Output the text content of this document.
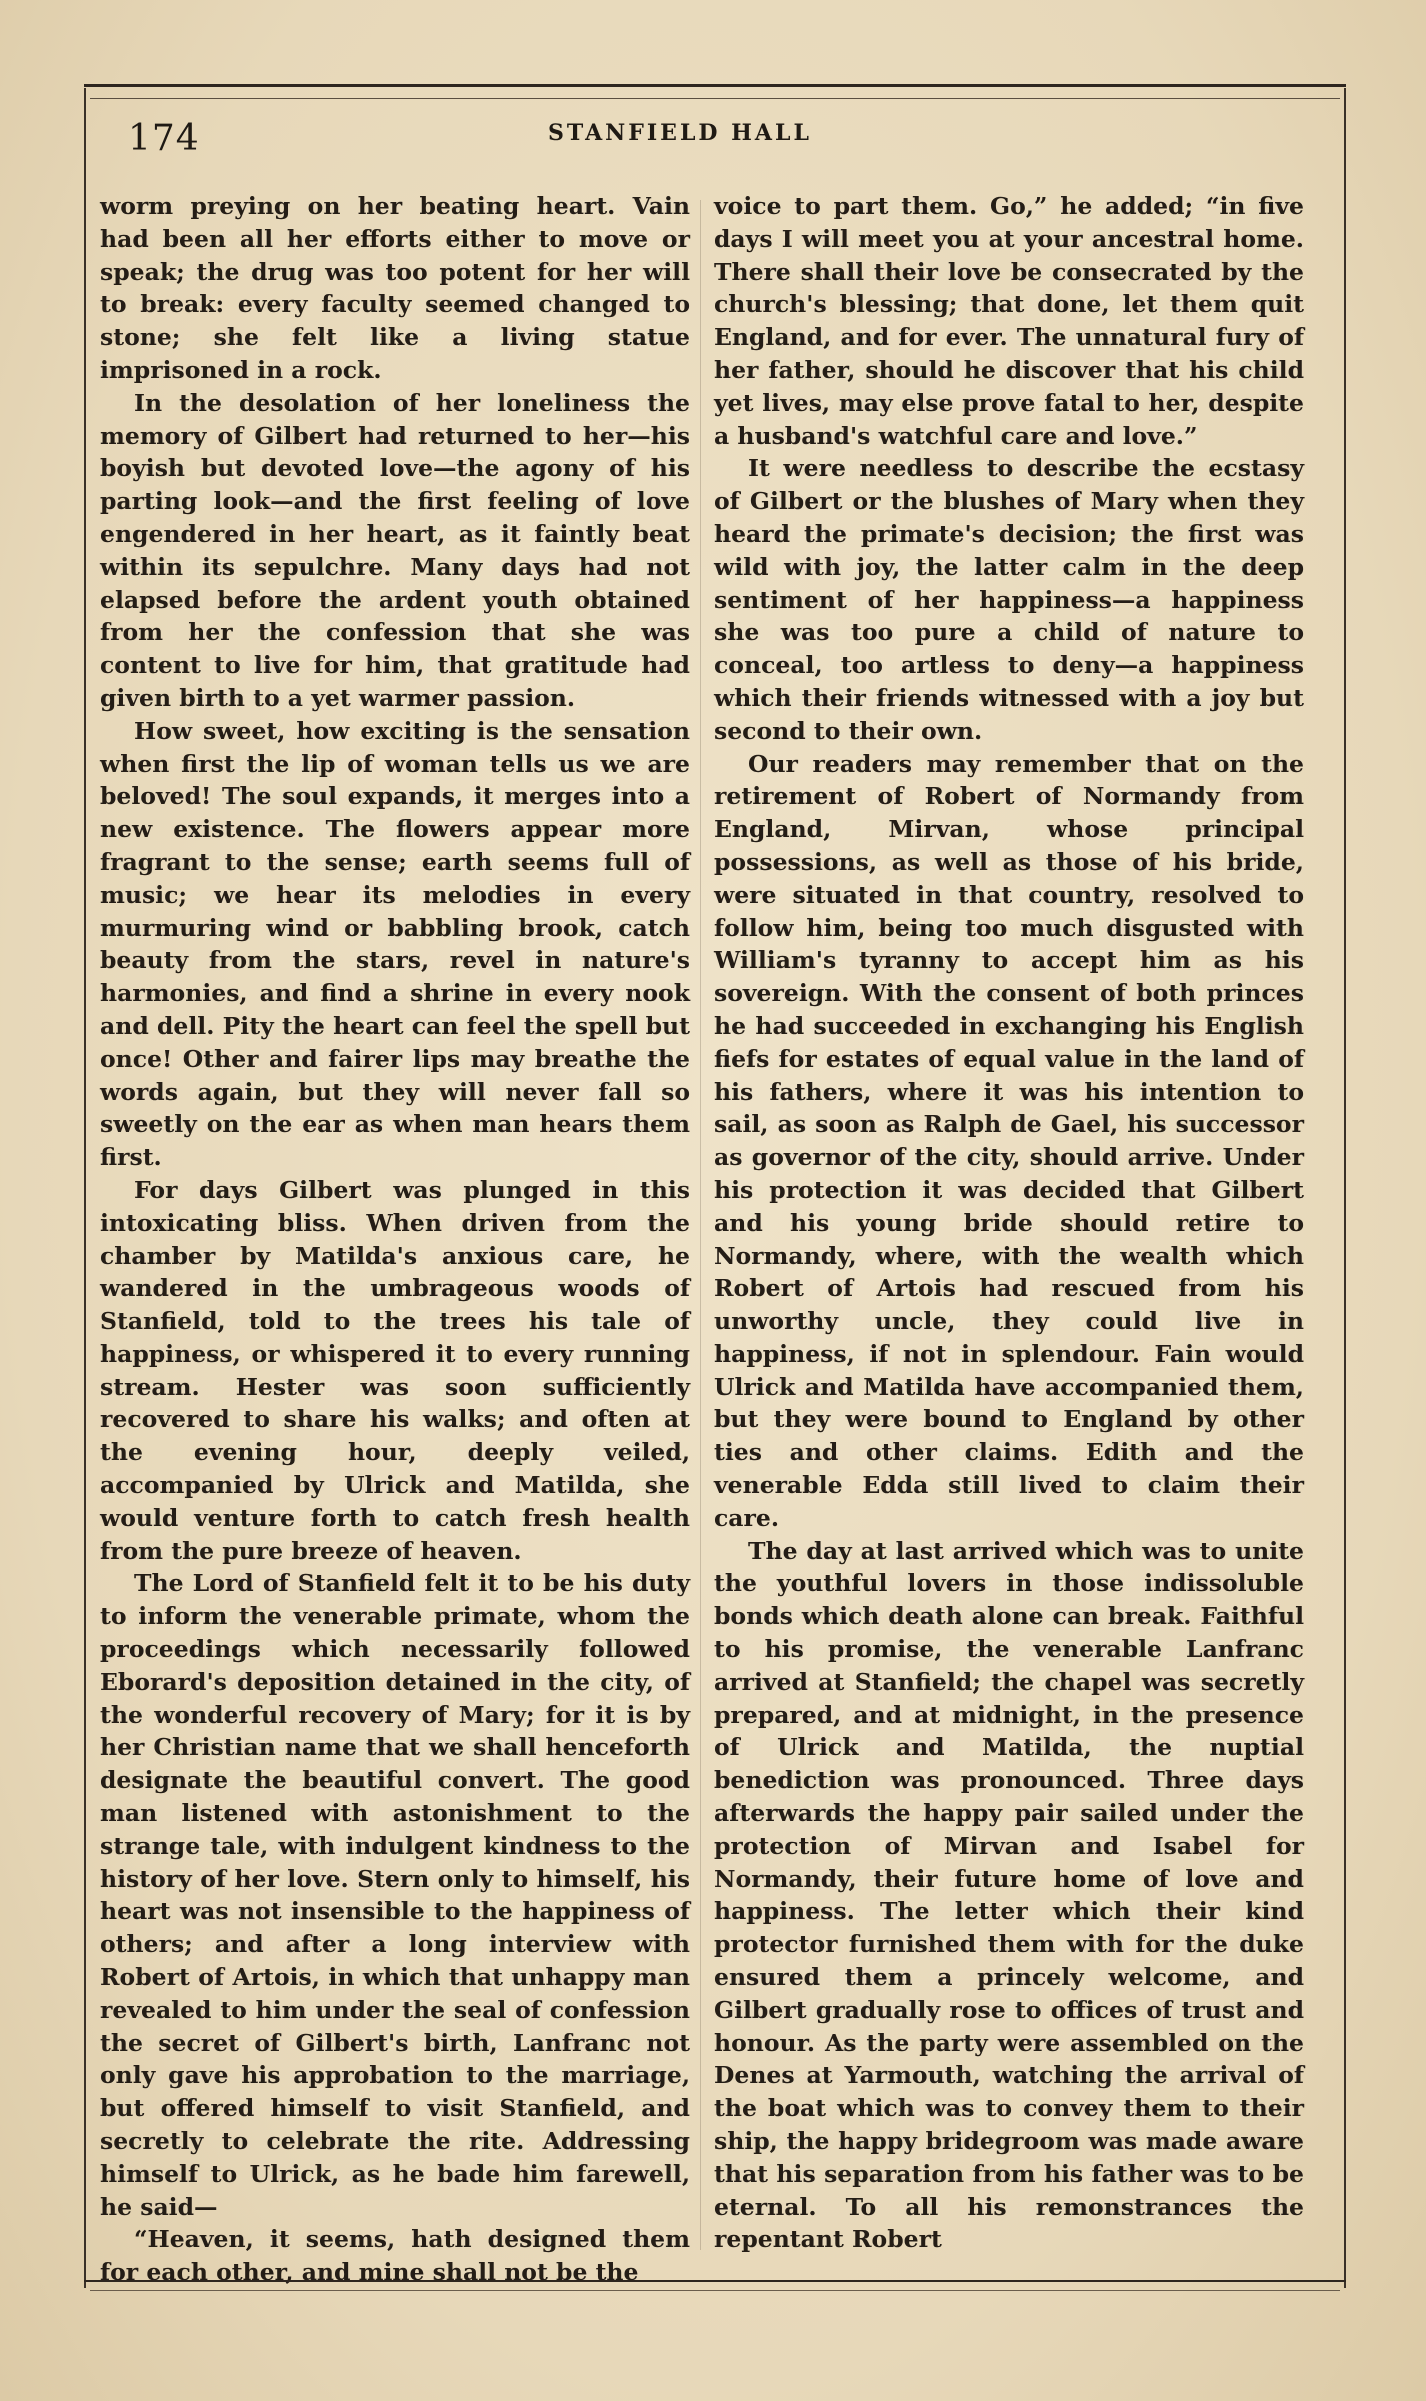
174	STANFIELD HALL

worm preying on her beating heart. Vain had been all her efforts either to move or speak; the drug was too potent for her will to break: every faculty seemed changed to stone; she felt like a living statue imprisoned in a rock.

In the desolation of her loneliness the memory of Gilbert had returned to her—his boyish but devoted love—the agony of his parting look—and the first feeling of love engendered in her heart, as it faintly beat within its sepulchre. Many days had not elapsed before the ardent youth obtained from her the confession that she was content to live for him, that gratitude had given birth to a yet warmer passion.

How sweet, how exciting is the sensation when first the lip of woman tells us we are beloved! The soul expands, it merges into a new existence. The flowers appear more fragrant to the sense; earth seems full of music; we hear its melodies in every murmuring wind or babbling brook, catch beauty from the stars, revel in nature's harmonies, and find a shrine in every nook and dell. Pity the heart can feel the spell but once! Other and fairer lips may breathe the words again, but they will never fall so sweetly on the ear as when man hears them first.

For days Gilbert was plunged in this intoxicating bliss. When driven from the chamber by Matilda's anxious care, he wandered in the umbrageous woods of Stanfield, told to the trees his tale of happiness, or whispered it to every running stream. Hester was soon sufficiently recovered to share his walks; and often at the evening hour, deeply veiled, accompanied by Ulrick and Matilda, she would venture forth to catch fresh health from the pure breeze of heaven.

The Lord of Stanfield felt it to be his duty to inform the venerable primate, whom the proceedings which necessarily followed Eborard's deposition detained in the city, of the wonderful recovery of Mary; for it is by her Christian name that we shall henceforth designate the beautiful convert. The good man listened with astonishment to the strange tale, with indulgent kindness to the history of her love. Stern only to himself, his heart was not insensible to the happiness of others; and after a long interview with Robert of Artois, in which that unhappy man revealed to him under the seal of confession the secret of Gilbert's birth, Lanfranc not only gave his approbation to the marriage, but offered himself to visit Stanfield, and secretly to celebrate the rite. Addressing himself to Ulrick, as he bade him farewell, he said—

“Heaven, it seems, hath designed them for each other, and mine shall not be the

voice to part them. Go,” he added; “in five days I will meet you at your ancestral home. There shall their love be consecrated by the church's blessing; that done, let them quit England, and for ever. The unnatural fury of her father, should he discover that his child yet lives, may else prove fatal to her, despite a husband's watchful care and love.”

It were needless to describe the ecstasy of Gilbert or the blushes of Mary when they heard the primate's decision; the first was wild with joy, the latter calm in the deep sentiment of her happiness—a happiness she was too pure a child of nature to conceal, too artless to deny—a happiness which their friends witnessed with a joy but second to their own.

Our readers may remember that on the retirement of Robert of Normandy from England, Mirvan, whose principal possessions, as well as those of his bride, were situated in that country, resolved to follow him, being too much disgusted with William's tyranny to accept him as his sovereign. With the consent of both princes he had succeeded in exchanging his English fiefs for estates of equal value in the land of his fathers, where it was his intention to sail, as soon as Ralph de Gael, his successor as governor of the city, should arrive. Under his protection it was decided that Gilbert and his young bride should retire to Normandy, where, with the wealth which Robert of Artois had rescued from his unworthy uncle, they could live in happiness, if not in splendour. Fain would Ulrick and Matilda have accompanied them, but they were bound to England by other ties and other claims. Edith and the venerable Edda still lived to claim their care.

The day at last arrived which was to unite the youthful lovers in those indissoluble bonds which death alone can break. Faithful to his promise, the venerable Lanfranc arrived at Stanfield; the chapel was secretly prepared, and at midnight, in the presence of Ulrick and Matilda, the nuptial benediction was pronounced. Three days afterwards the happy pair sailed under the protection of Mirvan and Isabel for Normandy, their future home of love and happiness. The letter which their kind protector furnished them with for the duke ensured them a princely welcome, and Gilbert gradually rose to offices of trust and honour. As the party were assembled on the Denes at Yarmouth, watching the arrival of the boat which was to convey them to their ship, the happy bridegroom was made aware that his separation from his father was to be eternal. To all his remonstrances the repentant Robert
